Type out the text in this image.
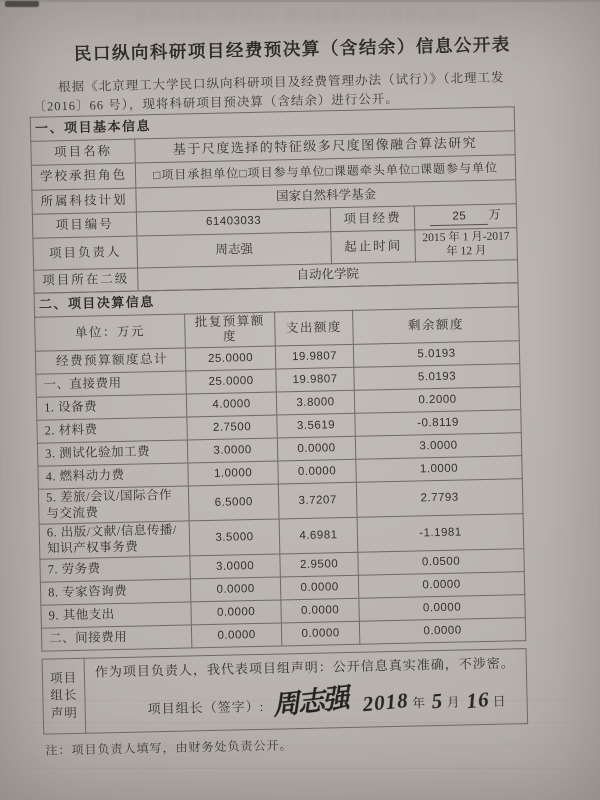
民口纵向科研项目经费预决算（含结余）信息公开表
民口纵向科研项目经费预决算（含结余）信息公开表

根据《北京理工大学民口纵向科研项目及经费管理办法（试行）》（北理工发〔2016〕66 号），现将科研项目预决算（含结余）进行公开。

一、项目基本信息			
项目名称	基于尺度选择的特征级多尺度图像融合算法研究		
学校承担角色	□项目承担单位□项目参与单位□课题牵头单位□课题参与单位		
所属科技计划	国家自然科学基金		
项目编号	61403033	项目经费	25 万
项目负责人	周志强	起止时间	2015 年 1 月-2017 年 12 月
项目所在二级	自动化学院		
二、项目决算信息			
单位：万元	批复预算额度	支出额度	剩余额度
经费预算额度总计	25.0000	19.9807	5.0193
一、直接费用	25.0000	19.9807	5.0193
1. 设备费	4.0000	3.8000	0.2000
2. 材料费	2.7500	3.5619	-0.8119
3. 测试化验加工费	3.0000	0.0000	3.0000
4. 燃料动力费	1.0000	0.0000	1.0000
5. 差旅/会议/国际合作与交流费	6.5000	3.7207	2.7793
6. 出版/文献/信息传播/知识产权事务费	3.5000	4.6981	-1.1981
7. 劳务费	3.0000	2.9500	0.0500
8. 专家咨询费	0.0000	0.0000	0.0000
9. 其他支出	0.0000	0.0000	0.0000
二、间接费用	0.0000	0.0000	0.0000
项目
组长
声明

作为项目负责人，我代表项目组声明：公开信息真实准确，不涉密。
项目组长（签字）: 周志强 2018 年 5 月 16 日
注：项目负责人填写，由财务处负责公开。
